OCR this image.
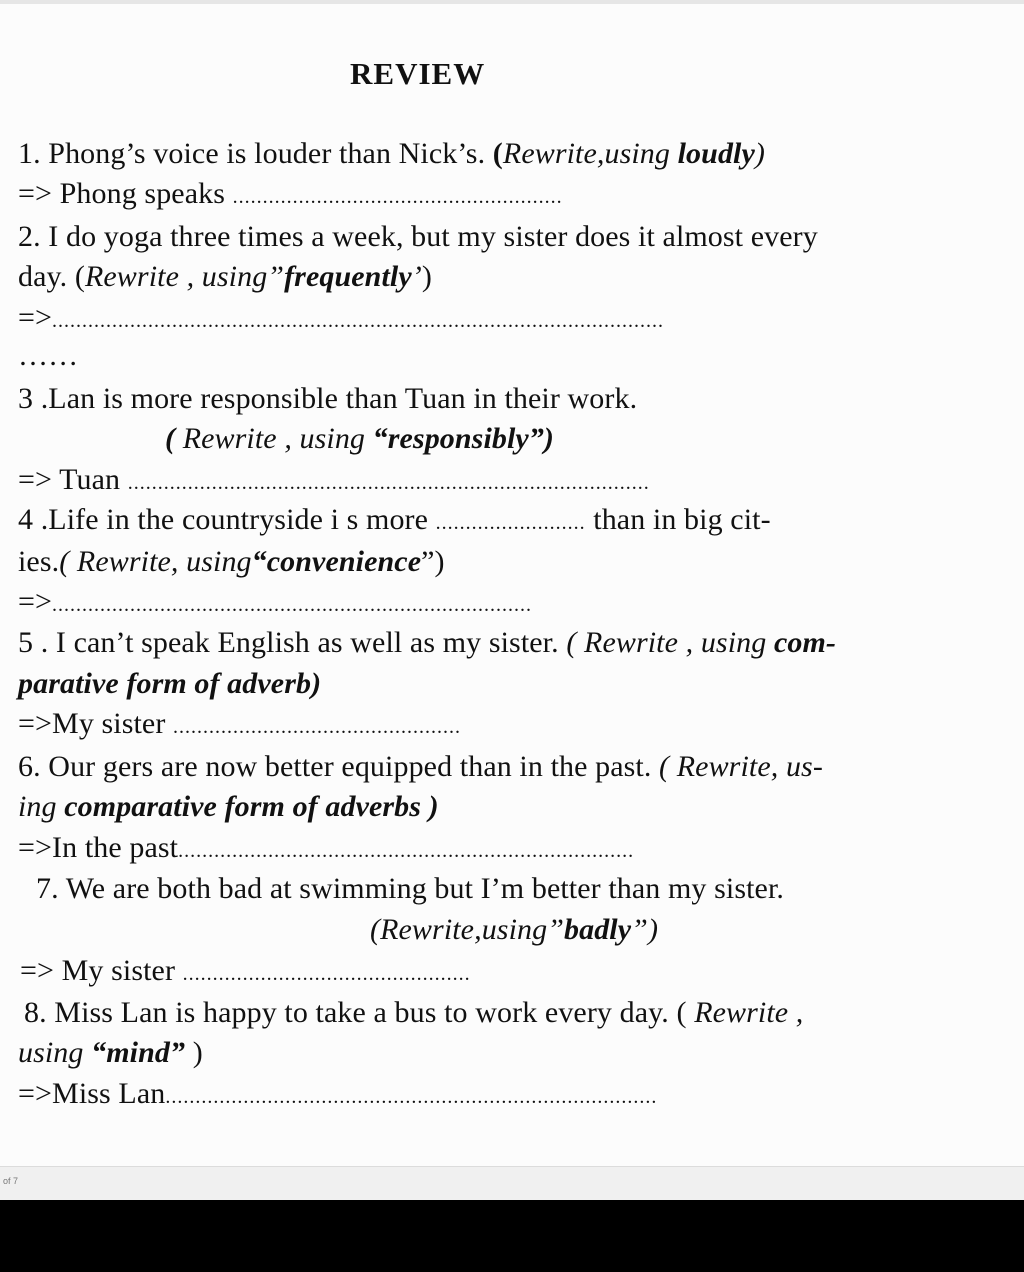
REVIEW
1. Phong’s voice is louder than Nick’s. (Rewrite,using loudly)
=> Phong speaks .......................................................
2. I do yoga three times a week, but my sister does it almost every
day. (Rewrite , using”frequently’)
=>......................................................................................................
……
3 .Lan is more responsible than Tuan in their work.
( Rewrite , using “responsibly”)
=> Tuan .......................................................................................
4 .Life in the countryside i s more ......................... than in big cit-
ies.( Rewrite, using“convenience”)
=>................................................................................
5 . I can’t speak English as well as my sister. ( Rewrite , using com-
parative form of adverb)
=>My sister ................................................
6. Our gers are now better equipped than in the past. ( Rewrite, us-
ing comparative form of adverbs )
=>In the past............................................................................
7. We are both bad at swimming but I’m better than my sister.
(Rewrite,using”badly”)
=> My sister ................................................
8. Miss Lan is happy to take a bus to work every day. ( Rewrite ,
using “mind” )
=>Miss Lan..................................................................................
of 7
